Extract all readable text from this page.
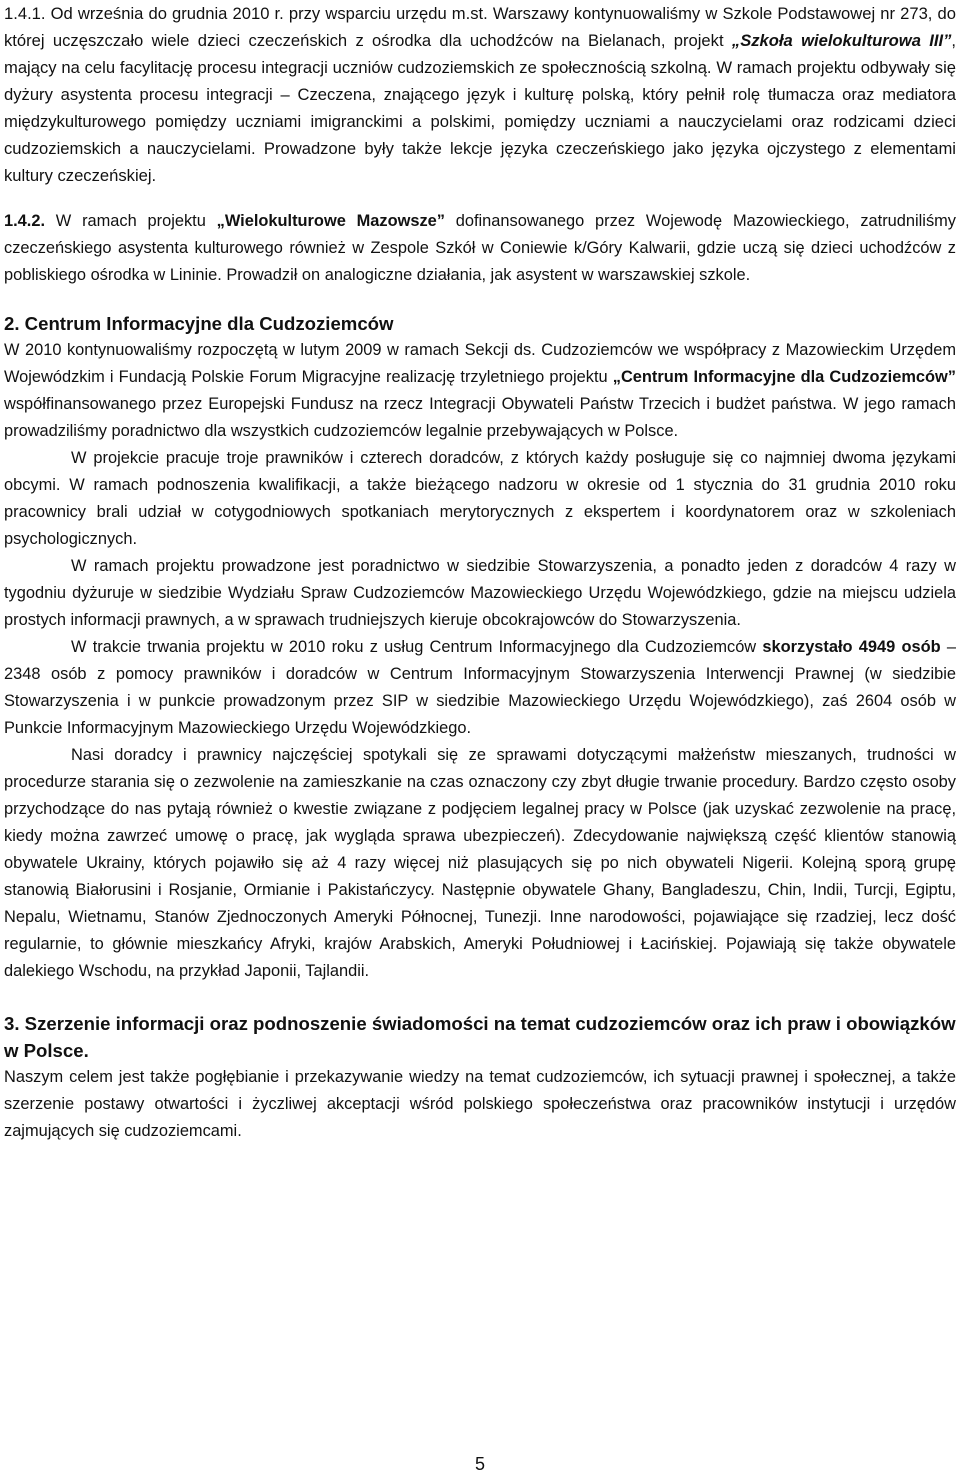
1.4.1. Od września do grudnia 2010 r. przy wsparciu urzędu m.st. Warszawy kontynuowaliśmy w Szkole Podstawowej nr 273, do której uczęszczało wiele dzieci czeczeńskich z ośrodka dla uchodźców na Bielanach, projekt „Szkoła wielokulturowa III”, mający na celu facylitację procesu integracji uczniów cudzoziemskich ze społecznością szkolną. W ramach projektu odbywały się dyżury asystenta procesu integracji – Czeczena, znającego język i kulturę polską, który pełnił rolę tłumacza oraz mediatora międzykulturowego pomiędzy uczniami imigranckimi a polskimi, pomiędzy uczniami a nauczycielami oraz rodzicami dzieci cudzoziemskich a nauczycielami. Prowadzone były także lekcje języka czeczeńskiego jako języka ojczystego z elementami kultury czeczeńskiej.

1.4.2. W ramach projektu „Wielokulturowe Mazowsze” dofinansowanego przez Wojewodę Mazowieckiego, zatrudniliśmy czeczeńskiego asystenta kulturowego również w Zespole Szkół w Coniewie k/Góry Kalwarii, gdzie uczą się dzieci uchodźców z pobliskiego ośrodka w Lininie. Prowadził on analogiczne działania, jak asystent w warszawskiej szkole.

2. Centrum Informacyjne dla Cudzoziemców

W 2010 kontynuowaliśmy rozpoczętą w lutym 2009 w ramach Sekcji ds. Cudzoziemców we współpracy z Mazowieckim Urzędem Wojewódzkim i Fundacją Polskie Forum Migracyjne realizację trzyletniego projektu „Centrum Informacyjne dla Cudzoziemców” współfinansowanego przez Europejski Fundusz na rzecz Integracji Obywateli Państw Trzecich i budżet państwa. W jego ramach prowadziliśmy poradnictwo dla wszystkich cudzoziemców legalnie przebywających w Polsce.

W projekcie pracuje troje prawników i czterech doradców, z których każdy posługuje się co najmniej dwoma językami obcymi. W ramach podnoszenia kwalifikacji, a także bieżącego nadzoru w okresie od 1 stycznia do 31 grudnia 2010 roku pracownicy brali udział w cotygodniowych spotkaniach merytorycznych z ekspertem i koordynatorem oraz w szkoleniach psychologicznych.

W ramach projektu prowadzone jest poradnictwo w siedzibie Stowarzyszenia, a ponadto jeden z doradców 4 razy w tygodniu dyżuruje w siedzibie Wydziału Spraw Cudzoziemców Mazowieckiego Urzędu Wojewódzkiego, gdzie na miejscu udziela prostych informacji prawnych, a w sprawach trudniejszych kieruje obcokrajowców do Stowarzyszenia.

W trakcie trwania projektu w 2010 roku z usług Centrum Informacyjnego dla Cudzoziemców skorzystało 4949 osób – 2348 osób z pomocy prawników i doradców w Centrum Informacyjnym Stowarzyszenia Interwencji Prawnej (w siedzibie Stowarzyszenia i w punkcie prowadzonym przez SIP w siedzibie Mazowieckiego Urzędu Wojewódzkiego), zaś 2604 osób w Punkcie Informacyjnym Mazowieckiego Urzędu Wojewódzkiego.

Nasi doradcy i prawnicy najczęściej spotykali się ze sprawami dotyczącymi małżeństw mieszanych, trudności w procedurze starania się o zezwolenie na zamieszkanie na czas oznaczony czy zbyt długie trwanie procedury. Bardzo często osoby przychodzące do nas pytają również o kwestie związane z podjęciem legalnej pracy w Polsce (jak uzyskać zezwolenie na pracę, kiedy można zawrzeć umowę o pracę, jak wygląda sprawa ubezpieczeń). Zdecydowanie największą część klientów stanowią obywatele Ukrainy, których pojawiło się aż 4 razy więcej niż plasujących się po nich obywateli Nigerii. Kolejną sporą grupę stanowią Białorusini i Rosjanie, Ormianie i Pakistańczycy. Następnie obywatele Ghany, Bangladeszu, Chin, Indii, Turcji, Egiptu, Nepalu, Wietnamu, Stanów Zjednoczonych Ameryki Północnej, Tunezji. Inne narodowości, pojawiające się rzadziej, lecz dość regularnie, to głównie mieszkańcy Afryki, krajów Arabskich, Ameryki Południowej i Łacińskiej. Pojawiają się także obywatele dalekiego Wschodu, na przykład Japonii, Tajlandii.

3. Szerzenie informacji oraz podnoszenie świadomości na temat cudzoziemców oraz ich praw i obowiązków w Polsce.

Naszym celem jest także pogłębianie i przekazywanie wiedzy na temat cudzoziemców, ich sytuacji prawnej i społecznej, a także szerzenie postawy otwartości i życzliwej akceptacji wśród polskiego społeczeństwa oraz pracowników instytucji i urzędów zajmujących się cudzoziemcami.

5
